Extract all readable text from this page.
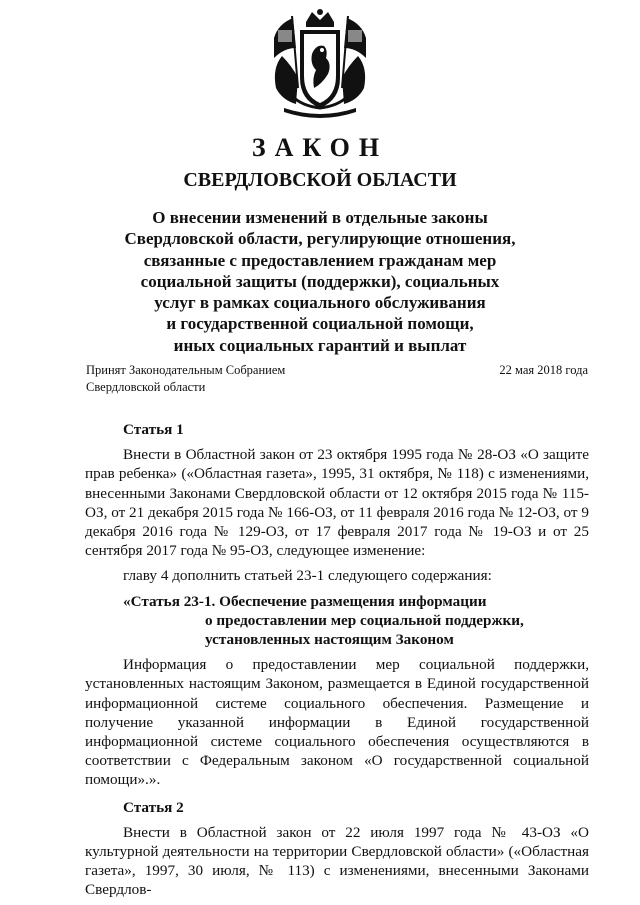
ЗАКОН
СВЕРДЛОВСКОЙ ОБЛАСТИ
О внесении изменений в отдельные законы
Свердловской области, регулирующие отношения,
связанные с предоставлением гражданам мер
социальной защиты (поддержки), социальных
услуг в рамках социального обслуживания
и государственной социальной помощи,
иных социальных гарантий и выплат
Принят Законодательным Собранием
Свердловской области
22 мая 2018 года
Статья 1

Внести в Областной закон от 23 октября 1995 года № 28-ОЗ «О защите прав ребенка» («Областная газета», 1995, 31 октября, № 118) с изменениями, внесенными Законами Свердловской области от 12 октября 2015 года № 115-ОЗ, от 21 декабря 2015 года № 166-ОЗ, от 11 февраля 2016 года № 12-ОЗ, от 9 декабря 2016 года № 129-ОЗ, от 17 февраля 2017 года № 19-ОЗ и от 25 сентября 2017 года № 95-ОЗ, следующее изменение:

главу 4 дополнить статьей 23-1 следующего содержания:

«Статья 23-1. Обеспечение размещения информации
о предоставлении мер социальной поддержки,
установленных настоящим Законом

Информация о предоставлении мер социальной поддержки, установленных настоящим Законом, размещается в Единой государственной информационной системе социального обеспечения. Размещение и получение указанной информации в Единой государственной информационной системе социального обеспечения осуществляются в соответствии с Федеральным законом «О государственной социальной помощи».».

Статья 2

Внести в Областной закон от 22 июля 1997 года № 43-ОЗ «О культурной деятельности на территории Свердловской области» («Областная газета», 1997, 30 июля, № 113) с изменениями, внесенными Законами Свердлов-
